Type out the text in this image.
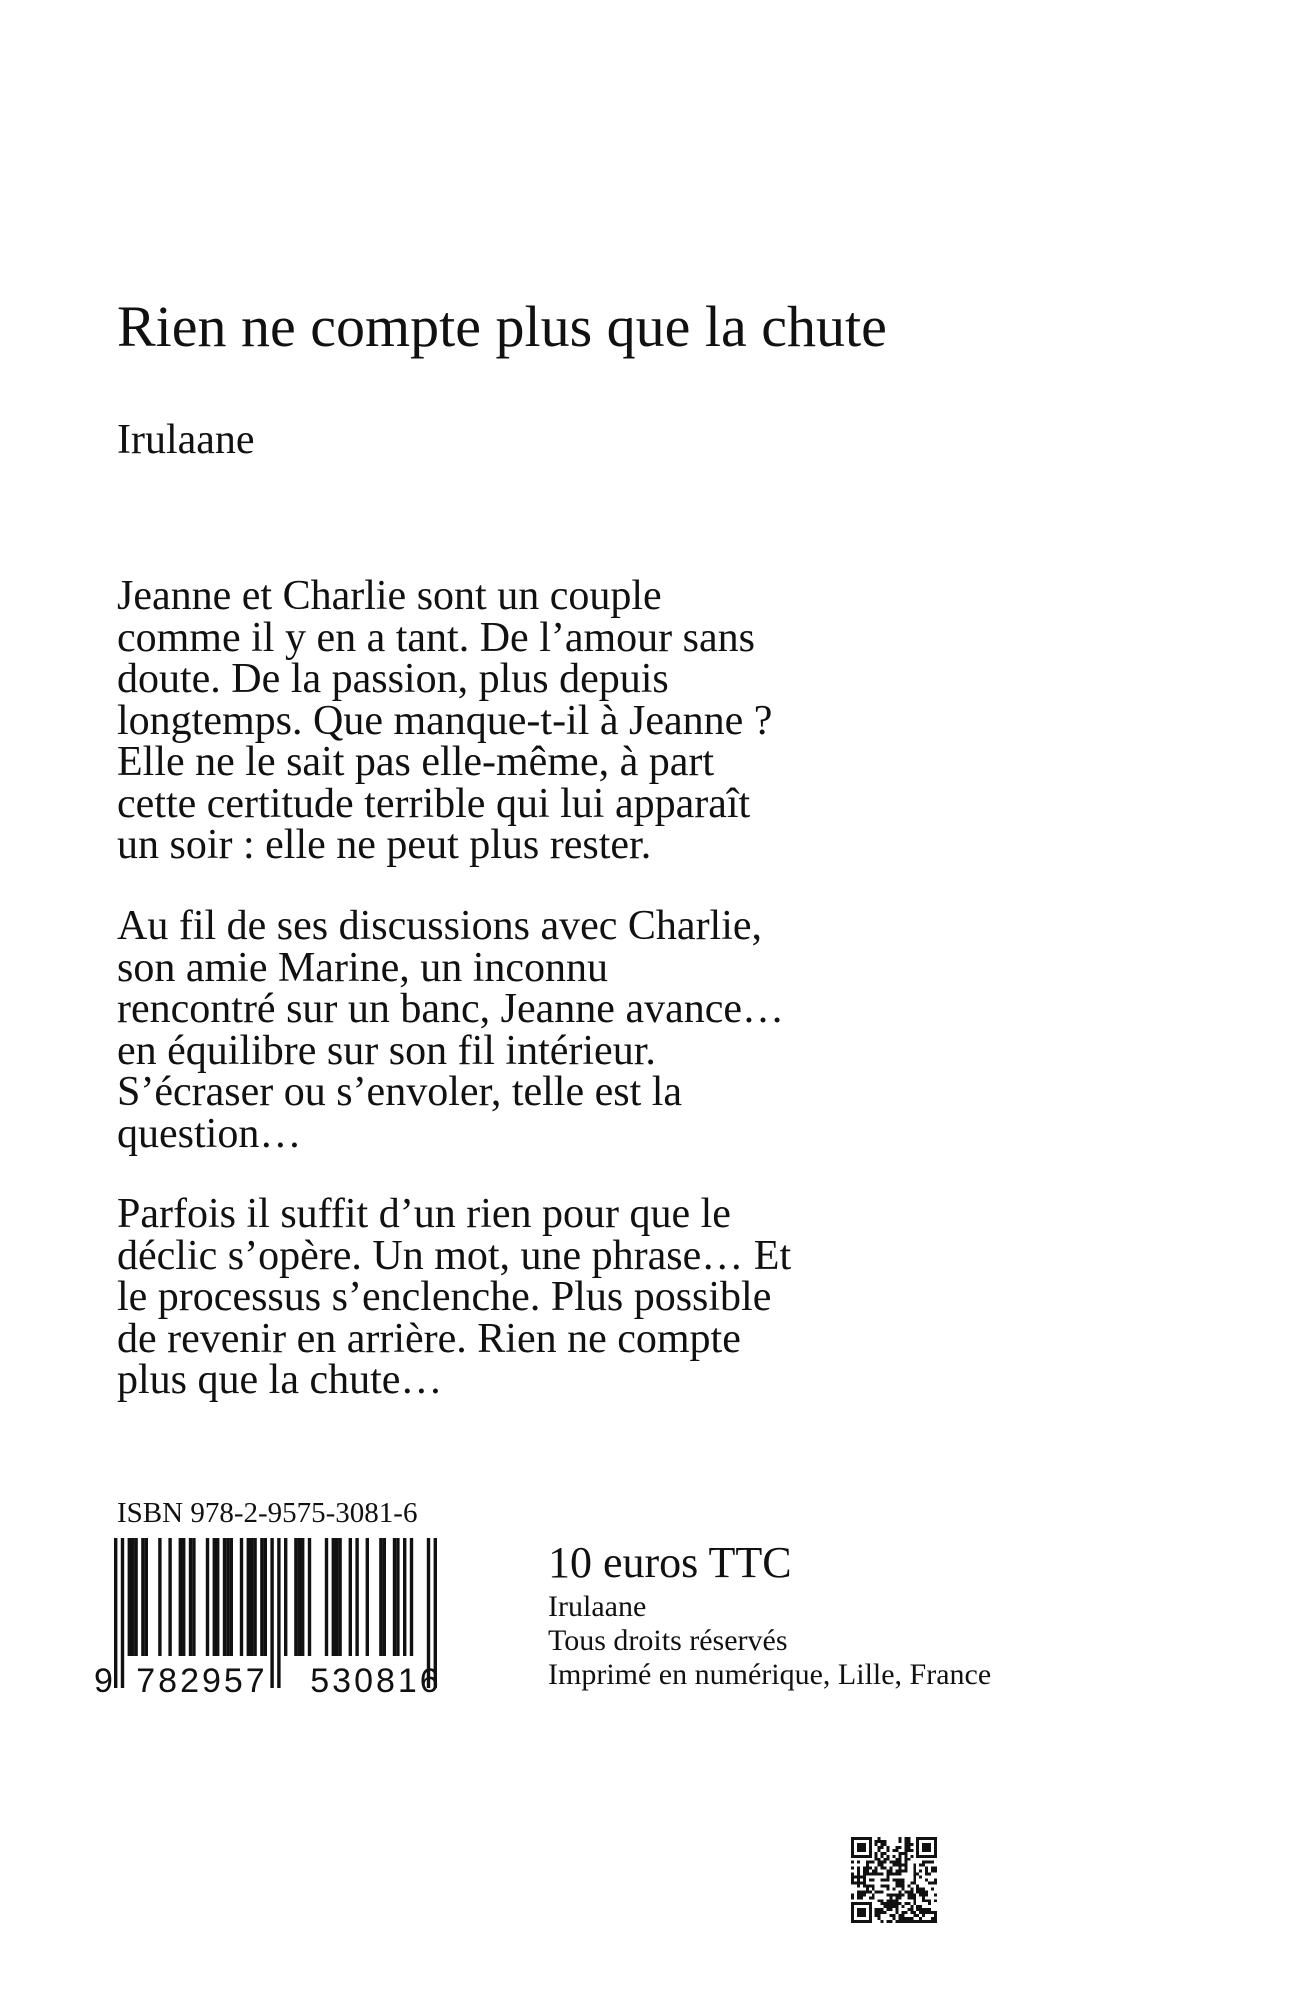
Rien ne compte plus que la chute
Irulaane
Jeanne et Charlie sont un couple
comme il y en a tant. De l’amour sans
doute. De la passion, plus depuis
longtemps. Que manque-t-il à Jeanne ?
Elle ne le sait pas elle-même, à part
cette certitude terrible qui lui apparaît
un soir : elle ne peut plus rester.
Au fil de ses discussions avec Charlie,
son amie Marine, un inconnu
rencontré sur un banc, Jeanne avance…
en équilibre sur son fil intérieur.
S’écraser ou s’envoler, telle est la
question…
Parfois il suffit d’un rien pour que le
déclic s’opère. Un mot, une phrase… Et
le processus s’enclenche. Plus possible
de revenir en arrière. Rien ne compte
plus que la chute…
ISBN 978-2-9575-3081-6
9 782957 530816
10 euros TTC
Irulaane
Tous droits réservés
Imprimé en numérique, Lille, France
